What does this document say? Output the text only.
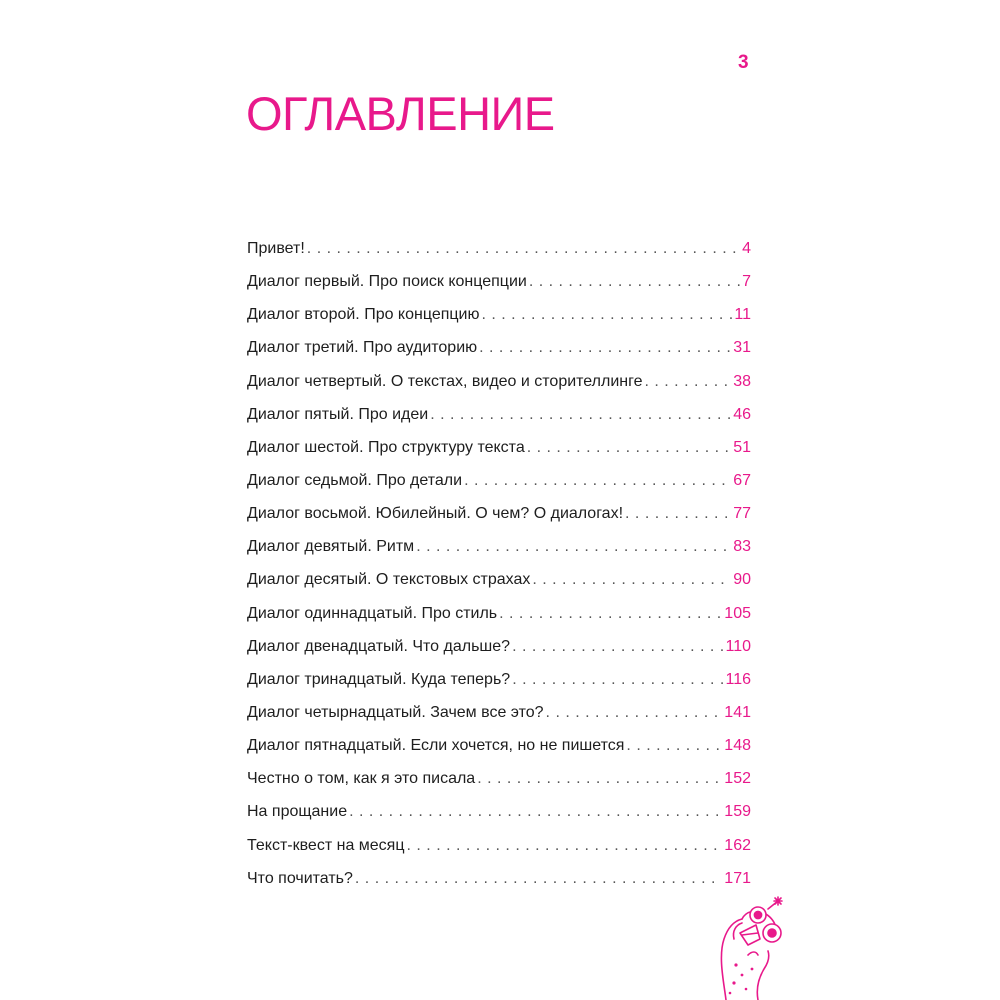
3
ОГЛАВЛЕНИЕ
Привет! . . .	4
Диалог первый. Про поиск концепции . . .	7
Диалог второй. Про концепцию . . .	11
Диалог третий. Про аудиторию . . .	31
Диалог четвертый. О текстах, видео и сторителлинге . . .	38
Диалог пятый. Про идеи . . .	46
Диалог шестой. Про структуру текста . . .	51
Диалог седьмой. Про детали . . .	67
Диалог восьмой. Юбилейный. О чем? О диалогах! . . .	77
Диалог девятый. Ритм . . .	83
Диалог десятый. О текстовых страхах . . .	90
Диалог одиннадцатый. Про стиль . . .	105
Диалог двенадцатый. Что дальше? . . .	110
Диалог тринадцатый. Куда теперь? . . .	116
Диалог четырнадцатый. Зачем все это? . . .	141
Диалог пятнадцатый. Если хочется, но не пишется . . .	148
Честно о том, как я это писала . . .	152
На прощание . . .	159
Текст-квест на месяц . . .	162
Что почитать? . . .	171
